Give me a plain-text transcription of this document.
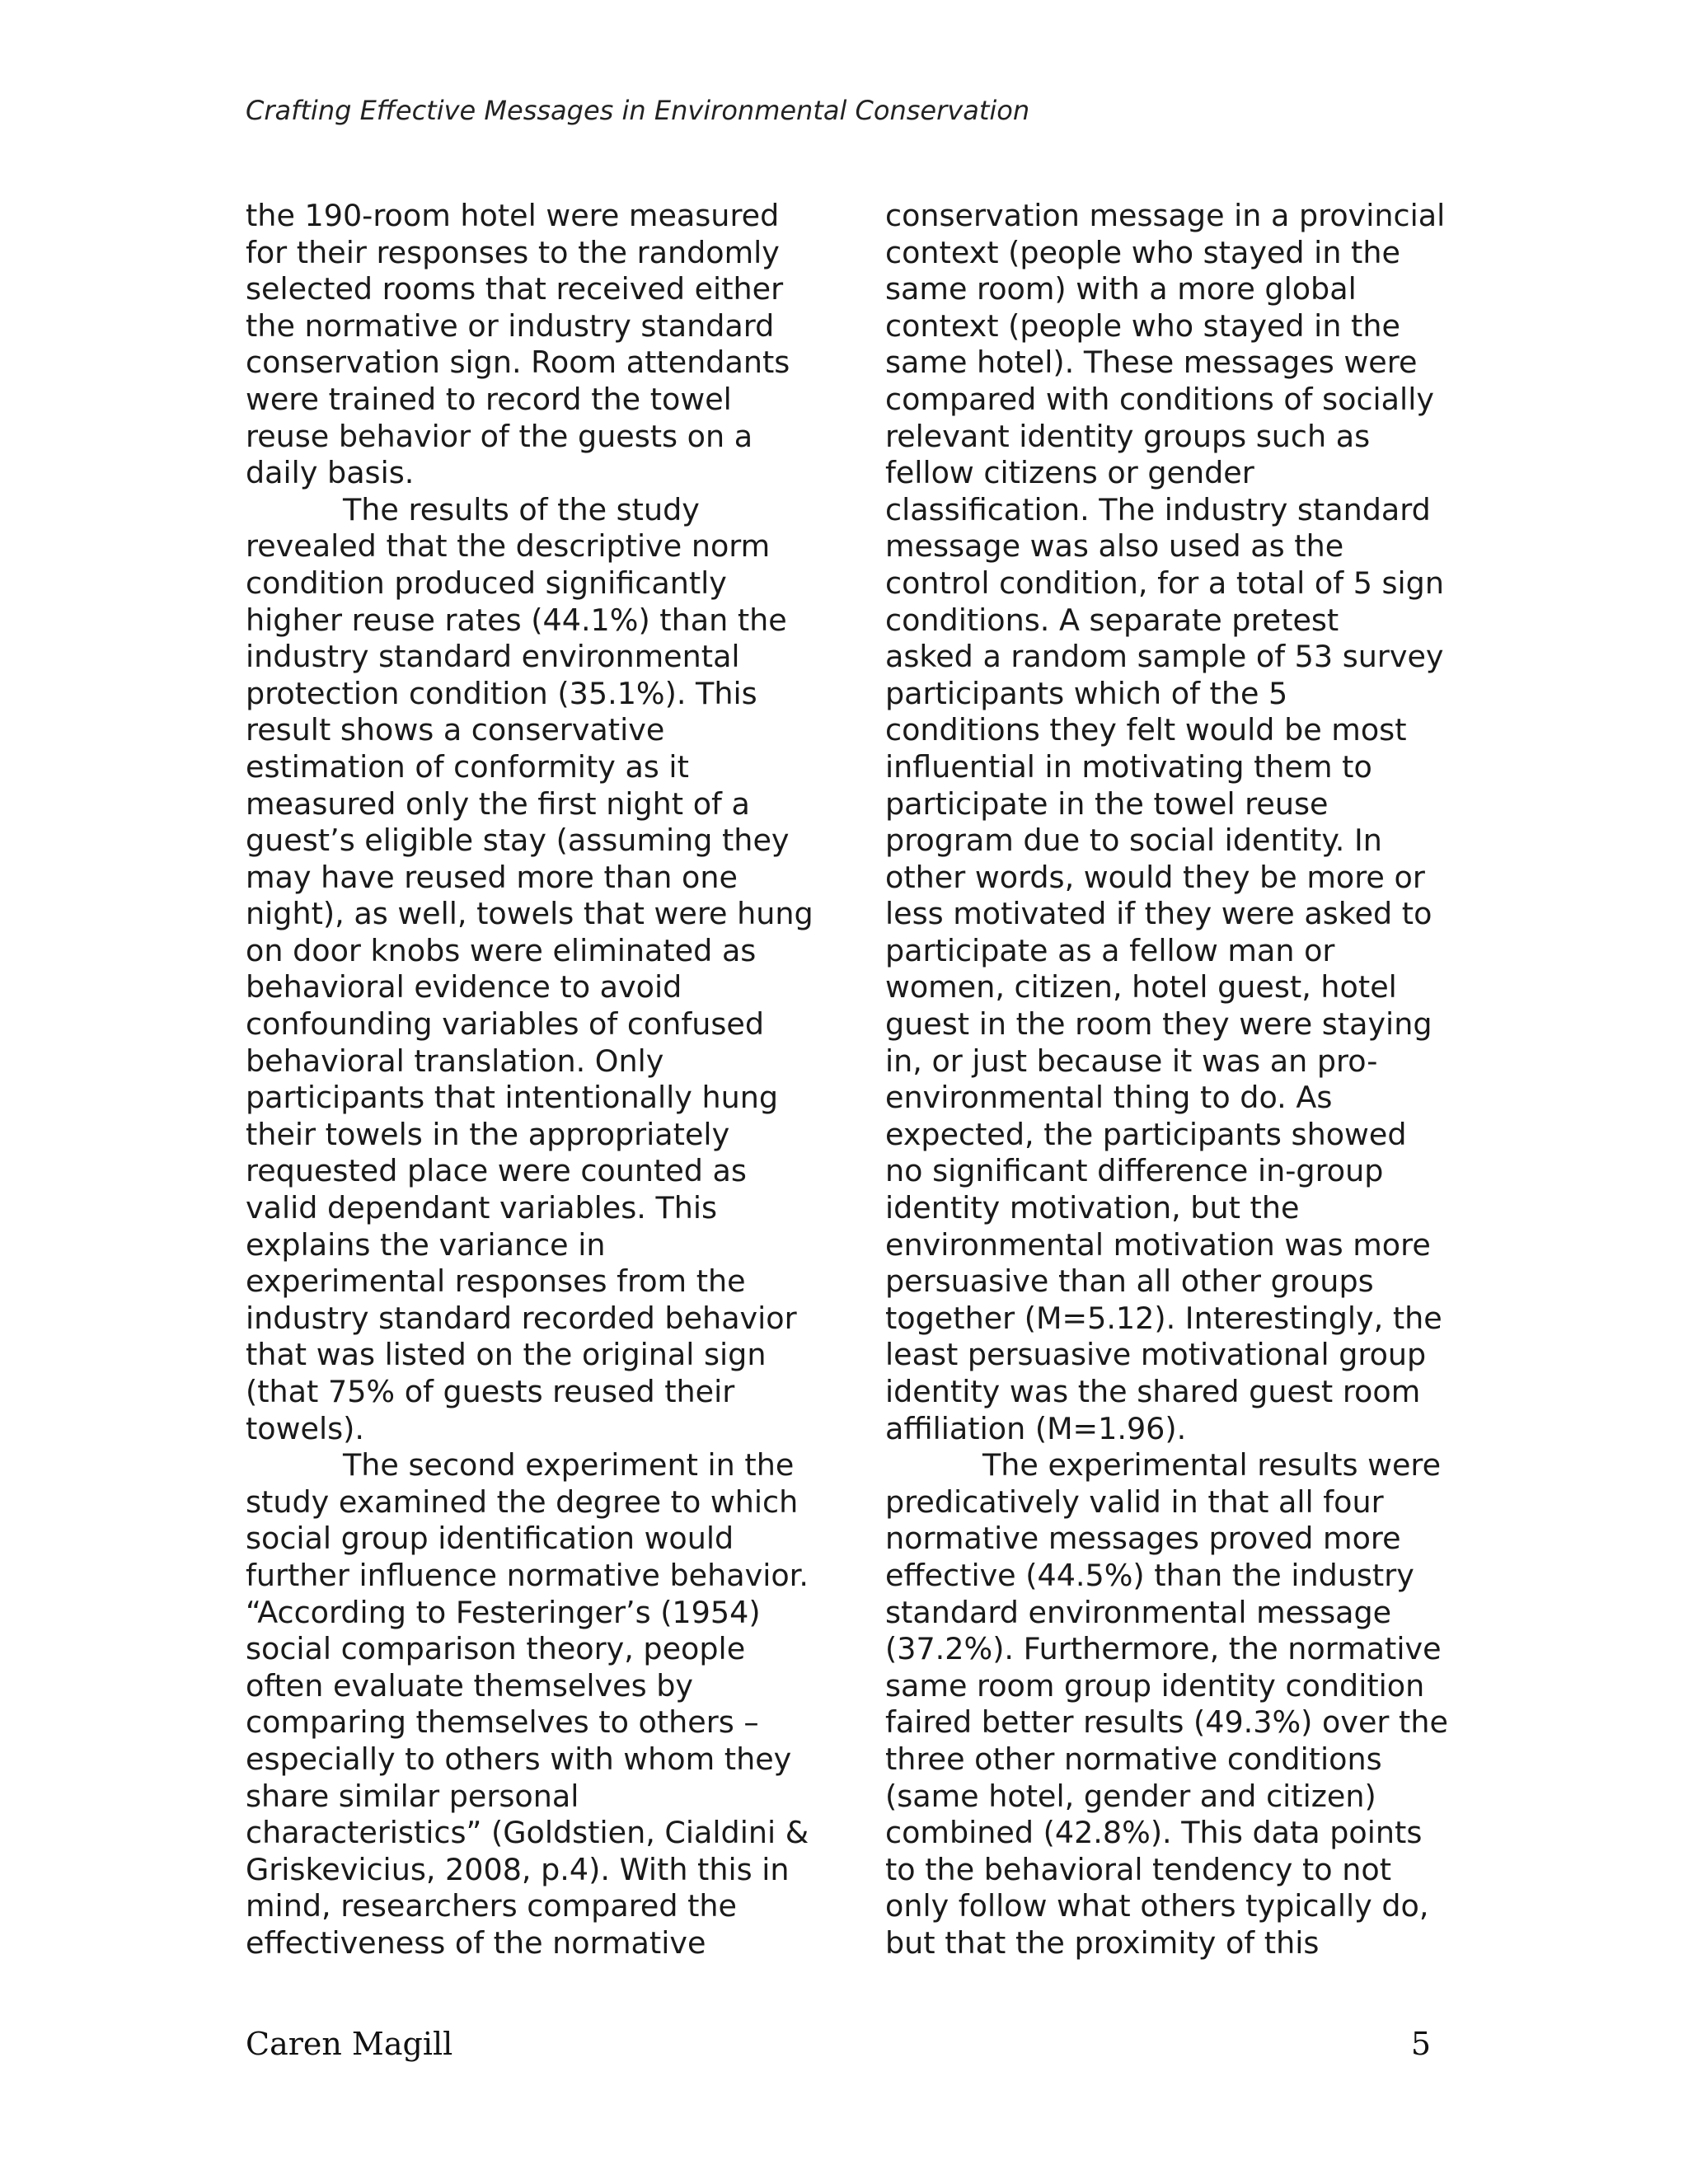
Crafting Effective Messages in Environmental Conservation
the 190-room hotel were measured
for their responses to the randomly
selected rooms that received either
the normative or industry standard
conservation sign. Room attendants
were trained to record the towel
reuse behavior of the guests on a
daily basis.
The results of the study
revealed that the descriptive norm
condition produced significantly
higher reuse rates (44.1%) than the
industry standard environmental
protection condition (35.1%). This
result shows a conservative
estimation of conformity as it
measured only the first night of a
guest’s eligible stay (assuming they
may have reused more than one
night), as well, towels that were hung
on door knobs were eliminated as
behavioral evidence to avoid
confounding variables of confused
behavioral translation. Only
participants that intentionally hung
their towels in the appropriately
requested place were counted as
valid dependant variables. This
explains the variance in
experimental responses from the
industry standard recorded behavior
that was listed on the original sign
(that 75% of guests reused their
towels).
The second experiment in the
study examined the degree to which
social group identification would
further influence normative behavior.
“According to Festeringer’s (1954)
social comparison theory, people
often evaluate themselves by
comparing themselves to others –
especially to others with whom they
share similar personal
characteristics” (Goldstien, Cialdini &
Griskevicius, 2008, p.4). With this in
mind, researchers compared the
effectiveness of the normative
conservation message in a provincial
context (people who stayed in the
same room) with a more global
context (people who stayed in the
same hotel). These messages were
compared with conditions of socially
relevant identity groups such as
fellow citizens or gender
classification. The industry standard
message was also used as the
control condition, for a total of 5 sign
conditions. A separate pretest
asked a random sample of 53 survey
participants which of the 5
conditions they felt would be most
influential in motivating them to
participate in the towel reuse
program due to social identity. In
other words, would they be more or
less motivated if they were asked to
participate as a fellow man or
women, citizen, hotel guest, hotel
guest in the room they were staying
in, or just because it was an pro-
environmental thing to do. As
expected, the participants showed
no significant difference in-group
identity motivation, but the
environmental motivation was more
persuasive than all other groups
together (M=5.12). Interestingly, the
least persuasive motivational group
identity was the shared guest room
affiliation (M=1.96).
The experimental results were
predicatively valid in that all four
normative messages proved more
effective (44.5%) than the industry
standard environmental message
(37.2%). Furthermore, the normative
same room group identity condition
faired better results (49.3%) over the
three other normative conditions
(same hotel, gender and citizen)
combined (42.8%). This data points
to the behavioral tendency to not
only follow what others typically do,
but that the proximity of this
Caren Magill	5
